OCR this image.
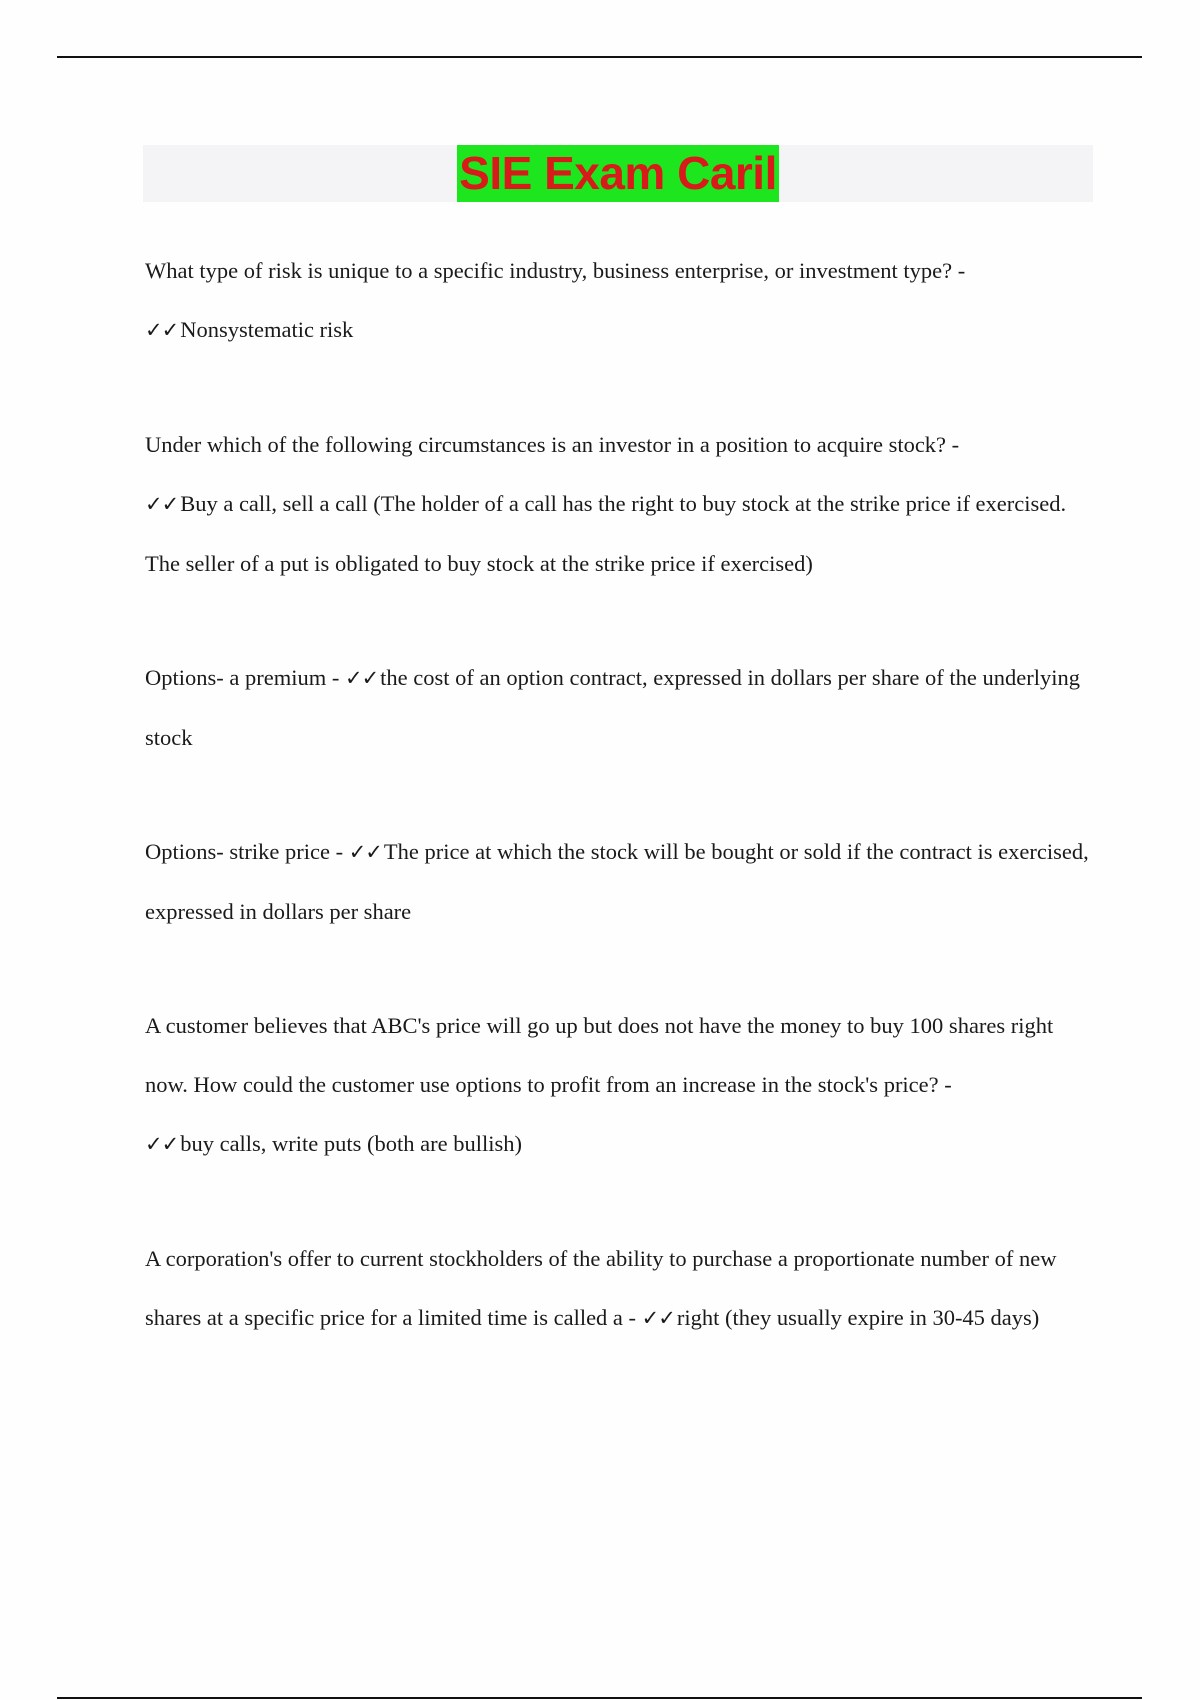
SIE Exam Caril

What type of risk is unique to a specific industry, business enterprise, or investment type? -
✓✓Nonsystematic risk

Under which of the following circumstances is an investor in a position to acquire stock? -
✓✓Buy a call, sell a call (The holder of a call has the right to buy stock at the strike price if exercised. The seller of a put is obligated to buy stock at the strike price if exercised)

Options- a premium - ✓✓the cost of an option contract, expressed in dollars per share of the underlying stock

Options- strike price - ✓✓The price at which the stock will be bought or sold if the contract is exercised, expressed in dollars per share

A customer believes that ABC's price will go up but does not have the money to buy 100 shares right now. How could the customer use options to profit from an increase in the stock's price? -
✓✓buy calls, write puts (both are bullish)

A corporation's offer to current stockholders of the ability to purchase a proportionate number of new shares at a specific price for a limited time is called a - ✓✓right (they usually expire in 30-45 days)
